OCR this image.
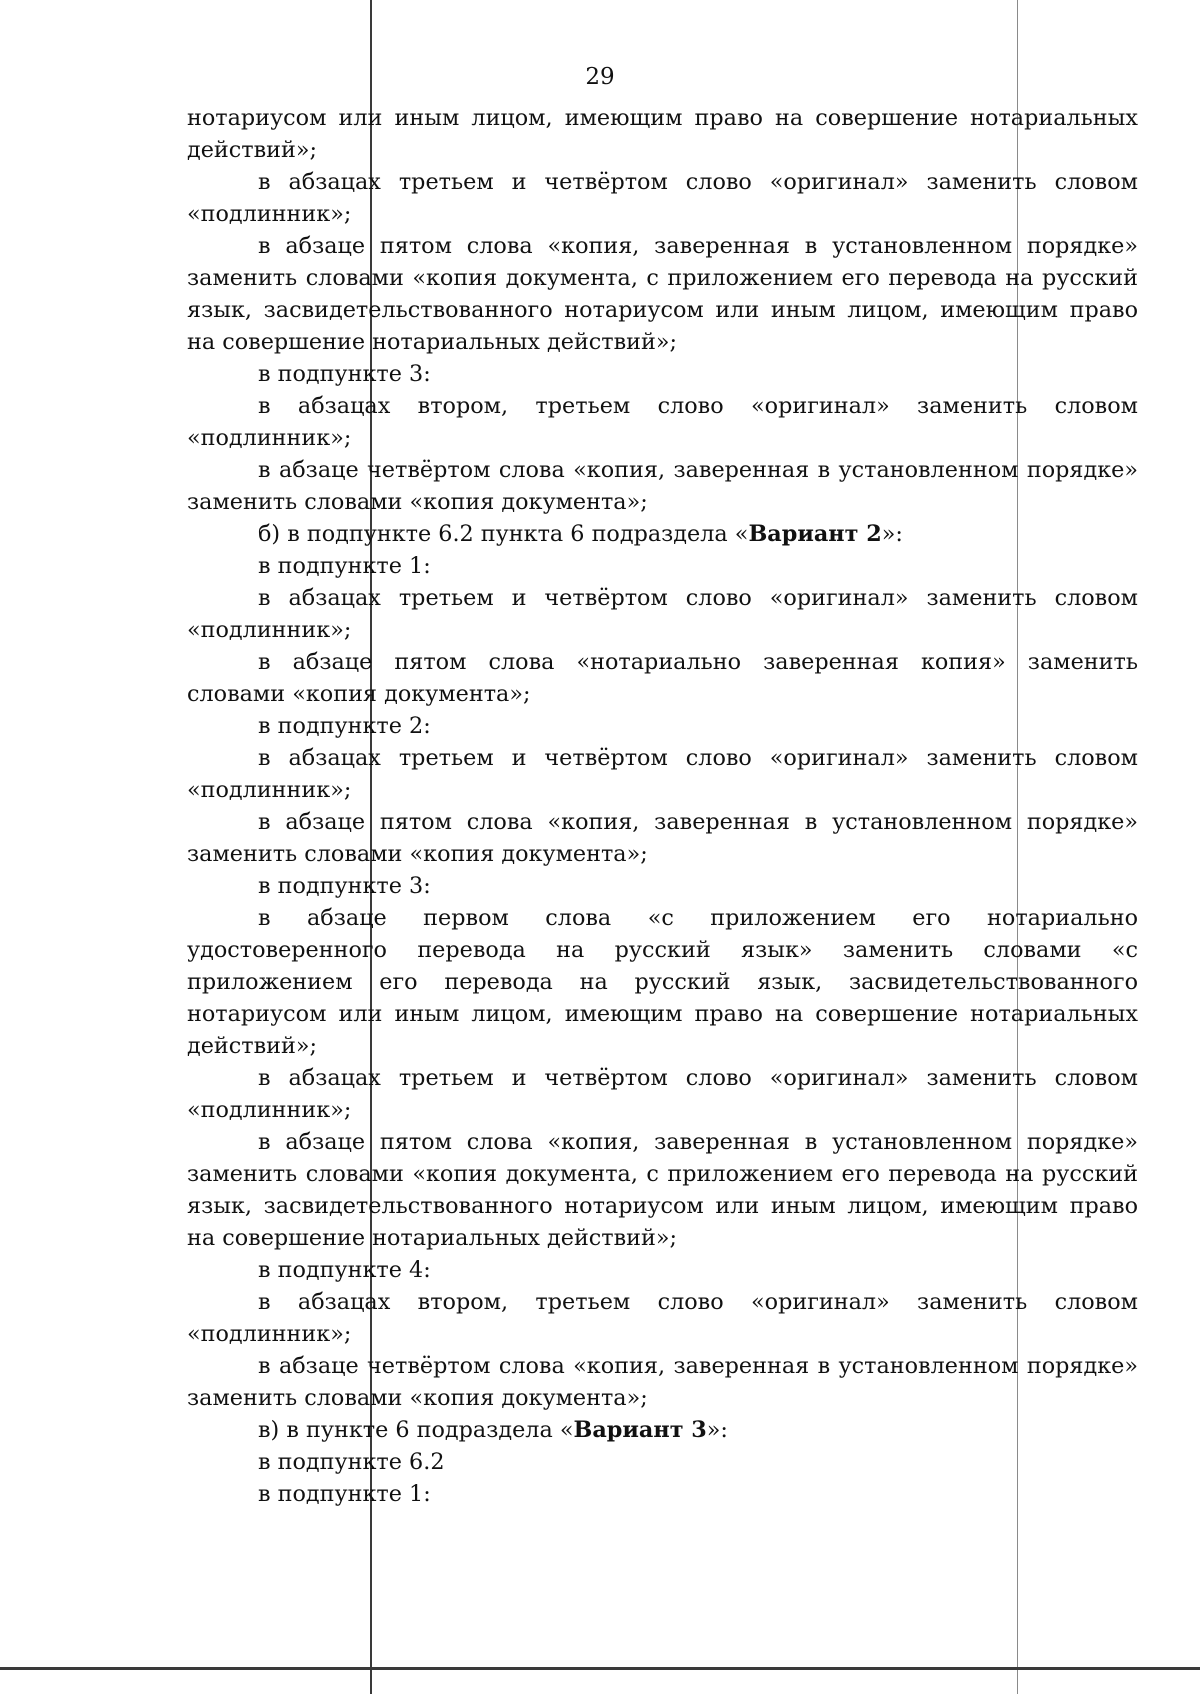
29

нотариусом или иным лицом, имеющим право на совершение нотариальных действий»;

в абзацах третьем и четвёртом слово «оригинал» заменить словом «подлинник»;

в абзаце пятом слова «копия, заверенная в установленном порядке» заменить словами «копия документа, с приложением его перевода на русский язык, засвидетельствованного нотариусом или иным лицом, имеющим право на совершение нотариальных действий»;

в подпункте 3:

в абзацах втором, третьем слово «оригинал» заменить словом «подлинник»;

в абзаце четвёртом слова «копия, заверенная в установленном порядке» заменить словами «копия документа»;

б) в подпункте 6.2 пункта 6 подраздела «Вариант 2»:

в подпункте 1:

в абзацах третьем и четвёртом слово «оригинал» заменить словом «подлинник»;

в абзаце пятом слова «нотариально заверенная копия» заменить словами «копия документа»;

в подпункте 2:

в абзацах третьем и четвёртом слово «оригинал» заменить словом «подлинник»;

в абзаце пятом слова «копия, заверенная в установленном порядке» заменить словами «копия документа»;

в подпункте 3:

в абзаце первом слова «с приложением его нотариально удостоверенного перевода на русский язык» заменить словами «с приложением его перевода на русский язык, засвидетельствованного нотариусом или иным лицом, имеющим право на совершение нотариальных действий»;

в абзацах третьем и четвёртом слово «оригинал» заменить словом «подлинник»;

в абзаце пятом слова «копия, заверенная в установленном порядке» заменить словами «копия документа, с приложением его перевода на русский язык, засвидетельствованного нотариусом или иным лицом, имеющим право на совершение нотариальных действий»;

в подпункте 4:

в абзацах втором, третьем слово «оригинал» заменить словом «подлинник»;

в абзаце четвёртом слова «копия, заверенная в установленном порядке» заменить словами «копия документа»;

в) в пункте 6 подраздела «Вариант 3»:

в подпункте 6.2

в подпункте 1:
